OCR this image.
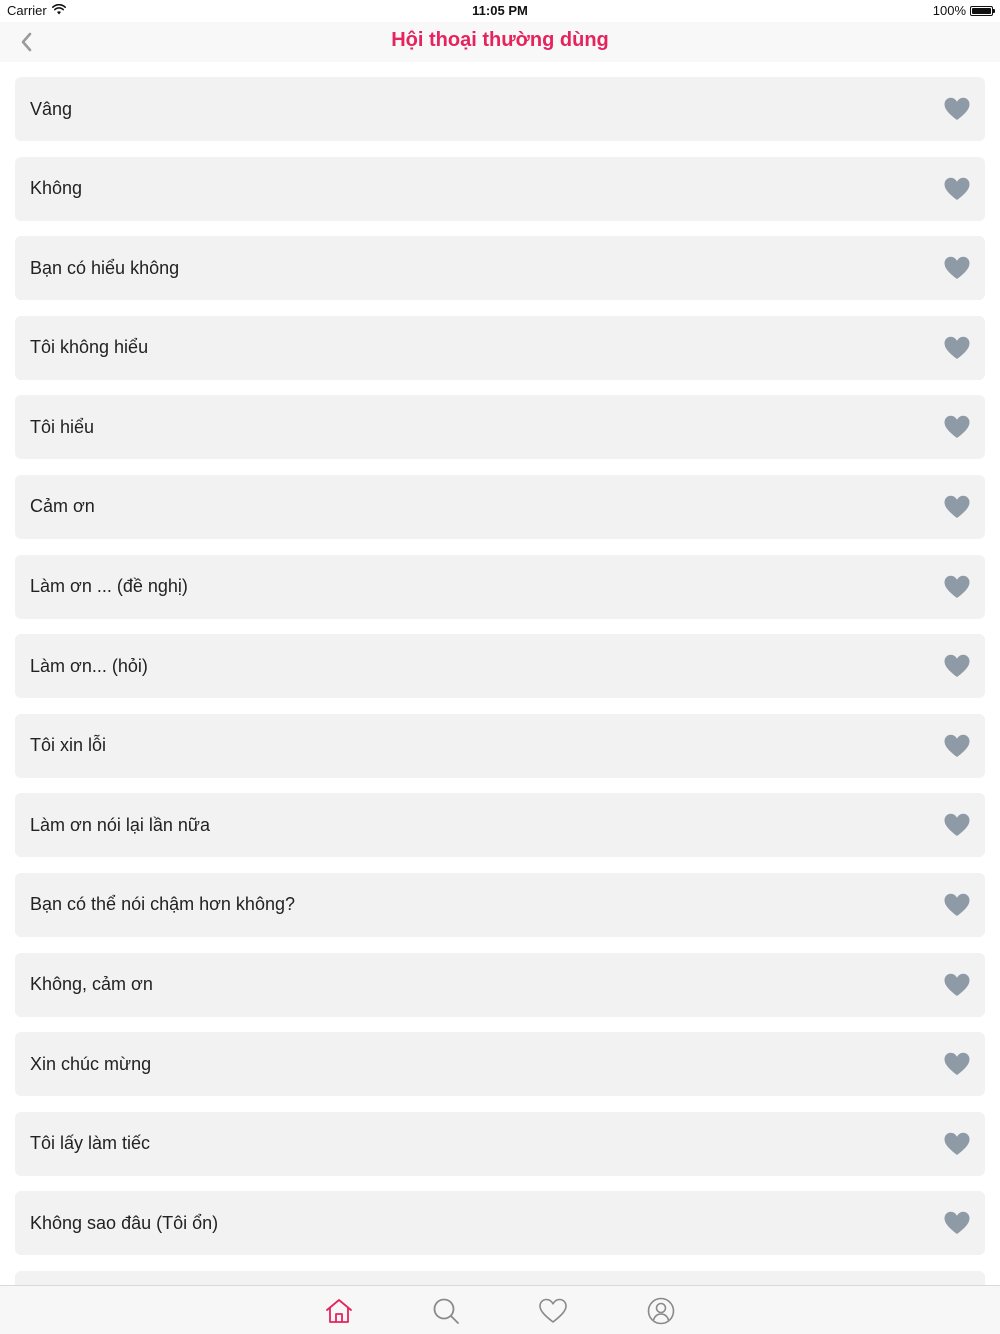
Carrier	11:05 PM	100%
Hội thoại thường dùng
Vâng
Không
Bạn có hiểu không
Tôi không hiểu
Tôi hiểu
Cảm ơn
Làm ơn ... (đề nghị)
Làm ơn... (hỏi)
Tôi xin lỗi
Làm ơn nói lại lần nữa
Bạn có thể nói chậm hơn không?
Không, cảm ơn
Xin chúc mừng
Tôi lấy làm tiếc
Không sao đâu (Tôi ổn)
